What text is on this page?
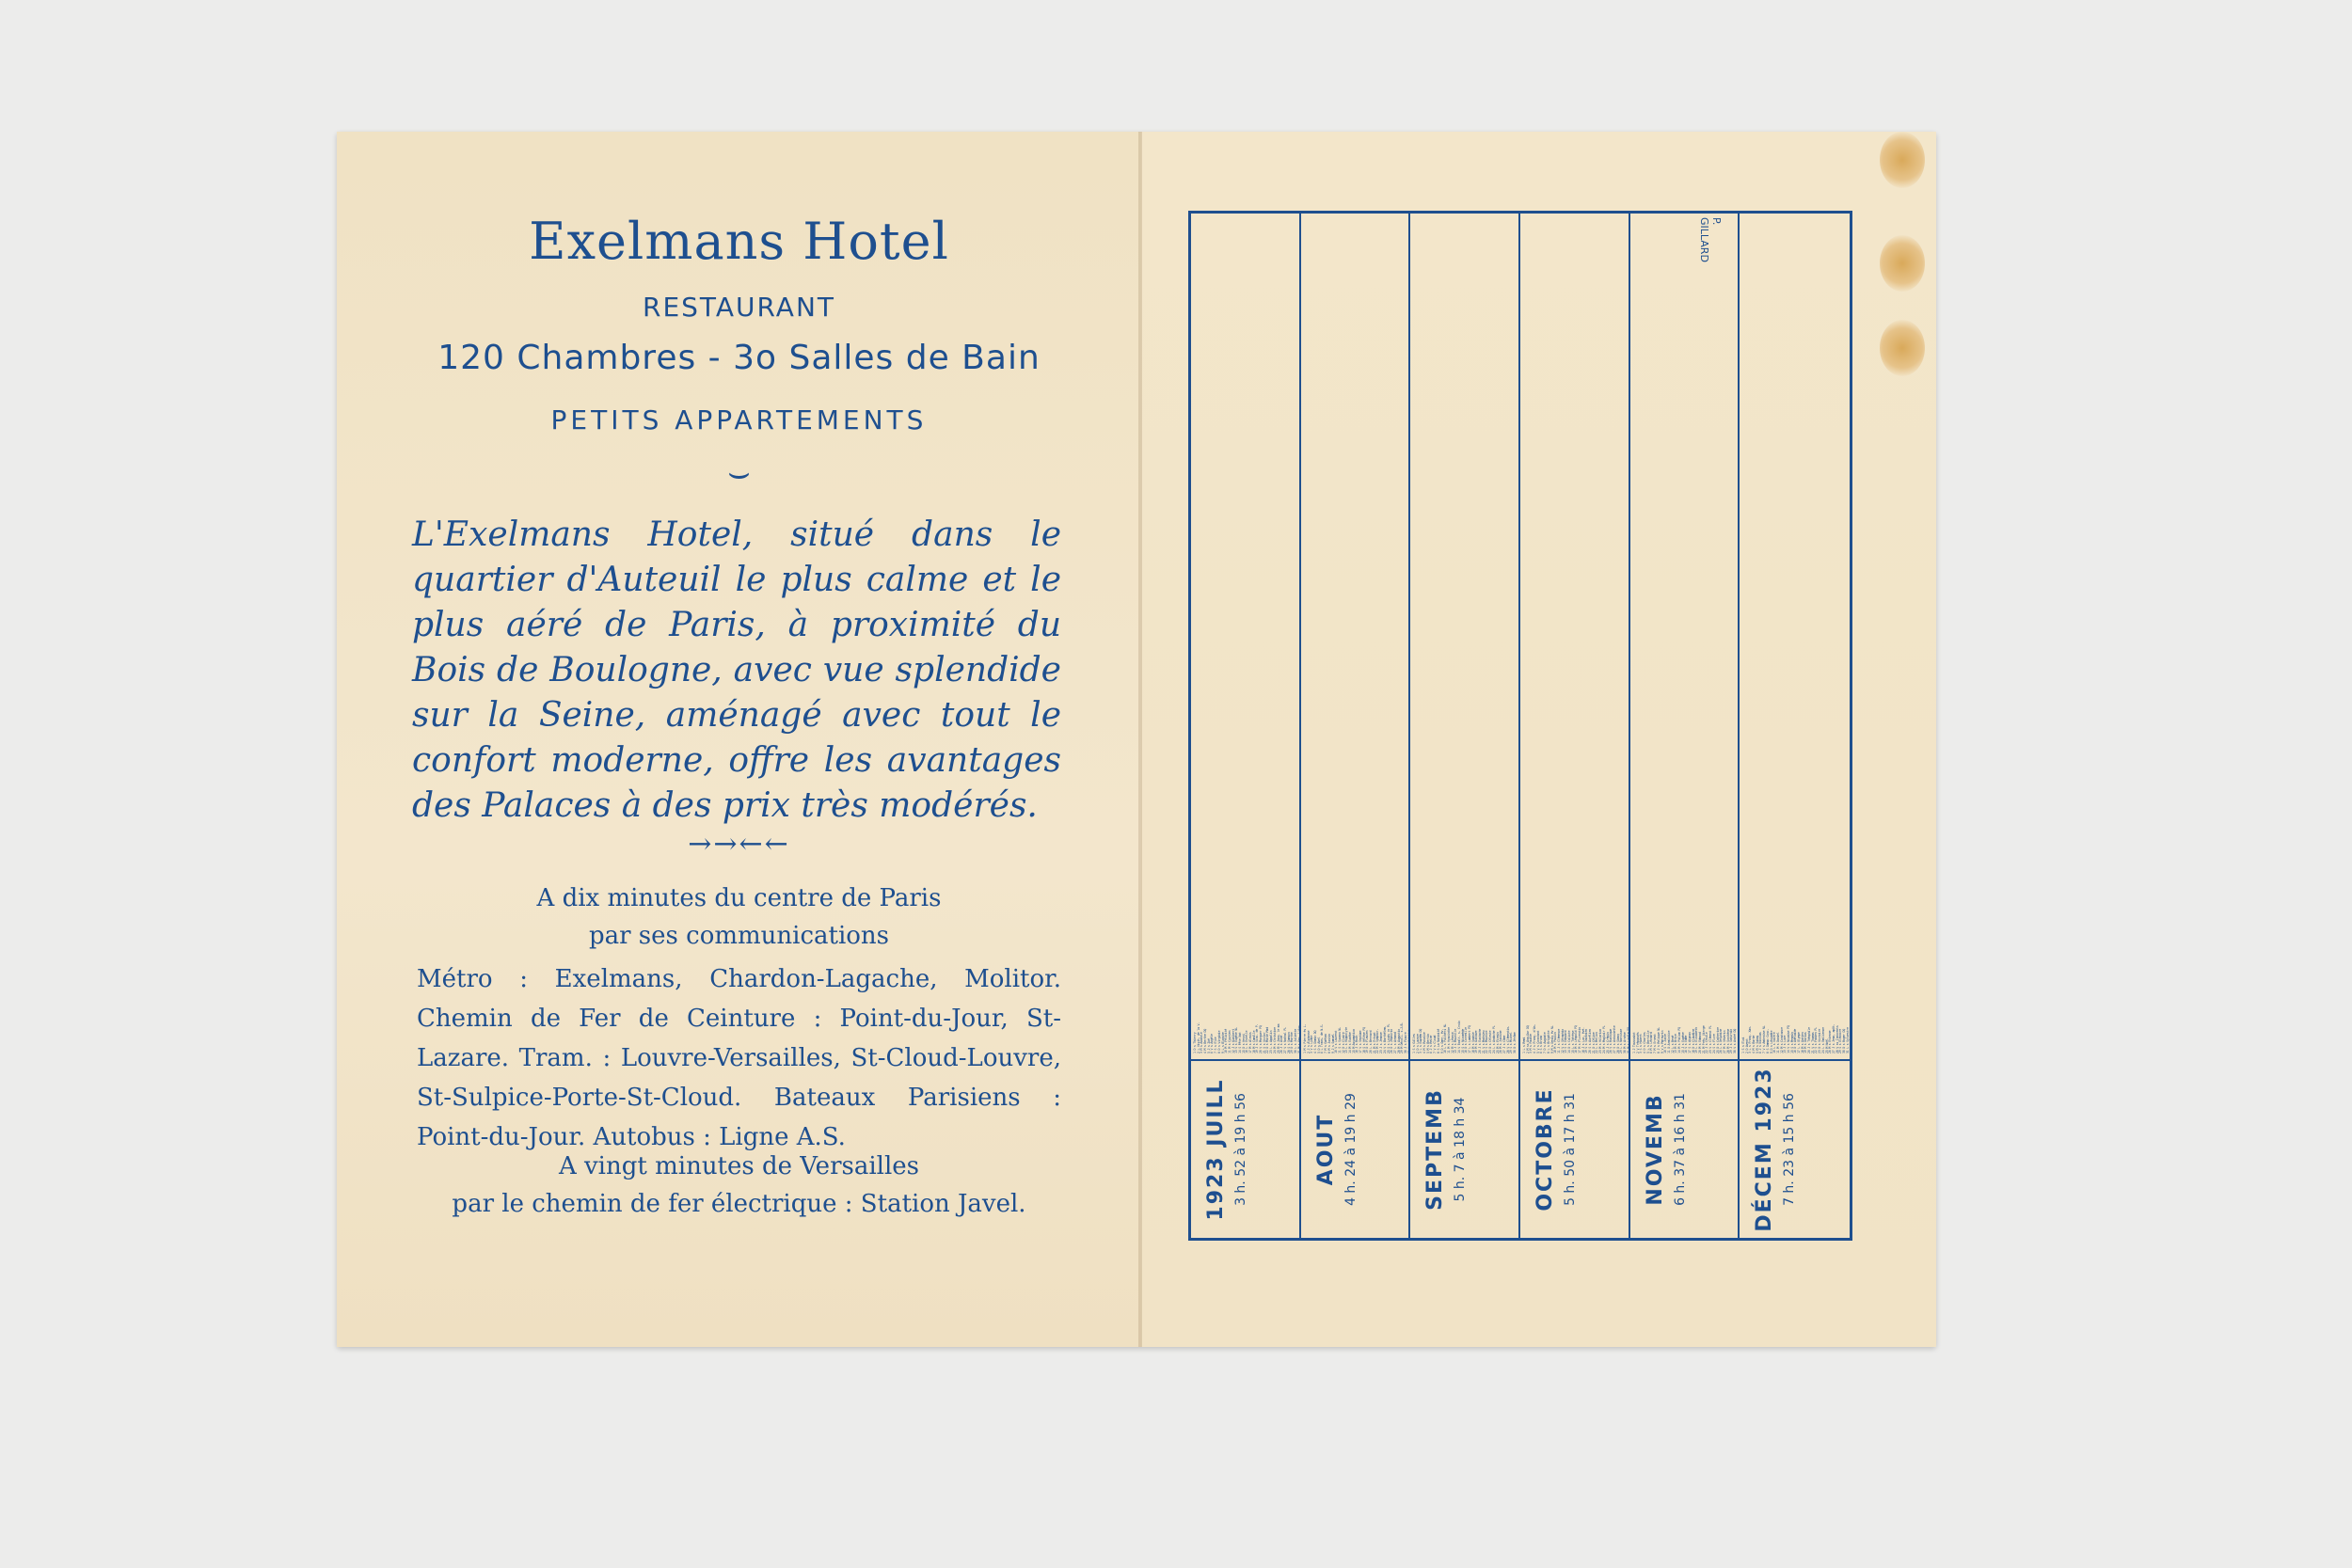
Exelmans Hotel
RESTAURANT
120 Chambres - 3o Salles de Bain
PETITS APPARTEMENTS
⌣
L'Exelmans Hotel, situé dans le quartier d'Auteuil le plus calme et le plus aéré de Paris, à proximité du Bois de Boulogne, avec vue splendide sur la Seine, aménagé avec tout le confort moderne, offre les avantages des Palaces à des prix très modérés.
→→←←
A dix minutes du centre de Paris
par ses communications
Métro : Exelmans, Chardon-Lagache, Molitor. Chemin de Fer de Ceinture : Point-du-Jour, St-Lazare. Tram. : Louvre-Versailles, St-Cloud-Louvre, St-Sulpice-Porte-St-Cloud. Bateaux Parisiens : Point-du-Jour. Autobus : Ligne A.S.
A vingt minutes de Versailles
par le chemin de fer électrique : Station Javel.	1923 JUILL 3 h. 52 à 19 h 56
1 D s Thierry 2 L Visit. de la V. 3 M s Anatole 4 M s Berthe DQ 5 J s Zoé 6 V s Angèle 7 S s Elie 8 D s Virginie 9 L s Blanche 10 M s Félicité 11 M s Cyprien 12 J s Gualbert 13 V s Eugène NL 14 S Fête Nat 15 D s Henri 16 L s Estelle 17 M s Alexis 18 M s Camille 19 J s Vinc. de P. 20 V s Marguer PQ 21 S s Victor 22 D s Marie Mad 23 L s Appolin 24 M s Christine 25 M s Jacq. le ma 26 J s Anne 27 V s Nathal PL 28 S s Samson 29 D s Marthe 30 L s Juliette 31 M s Ger. l'Aux.
AOUT 4 h. 24 à 19 h 29
1 M s Pierre ès L. 2 J s Alphonse 3 V s Lydie 4 S s Domin DQ 5 D s Abel 6 L Trans. de N.S. 7 M s Gaétan 8 M s Justin 9 J s Samuel 10 V s Laurent 11 S s Suzann NL 12 D s Claire 13 L s Hippolyte 14 M s Eusèbe 15 M Assomption 16 J s Roch 17 V s Septime 18 S s Hélène PQ 19 D s Flavien 20 L s Bernard 21 M s Privat 22 M s Symphor. 23 J s Jeanne 24 V s Barthélem. 25 S s Louis ro PL 26 D s Zéphirin 27 L s Armand 28 M s Augustin 29 M Décoll. s.J.B. 30 J s Fiacre 31 V s Aristide
SEPTEMB 5 h. 7 à 18 h 34
1 S s Gilles 2 D s Lazare 3 L s Euphém DQ 4 M s Rosalie 5 M s Bertin 6 J s Reine 7 V s Cloud 8 S La Nativité 9 D s Omer, év. 10 L s Pulchéri NL 11 M s Hyacinthe 12 M s Léonce 13 J s Maurille 14 V Exalt. s. Croix 15 S s Nicomède 16 D s Corneille 17 L s Lambert PQ 18 M s Sophie 19 M s Gustave 20 J s Eustache 21 V s Mathieu 22 S s Maurice 23 D s Céleste 24 L s Andoche PL 25 M s Firmin 26 M s Justine 27 J s Côme 28 V s Clémentin. 29 S s Michel 30 D s Jérôme
OCTOBRE 5 h. 50 à 17 h 31
1 L s Remi 2 M ss Ang.Gar DQ 3 M s Fauste 4 J s Franç. d'As. 5 V s Constant 6 S s Bruno 7 D s Auguste 8 L s Brigitte 9 M s Denis év NL 10 M s Paulin 11 J s Clémence 12 V s Séraphin 13 S s Edouard 14 D s Calixte 15 L s Thérèse 16 M s Léopold PQ 17 M s Florentin 18 J s Luc, évé. 19 V s Savinien 20 S s Aurélien 21 D s Céline 22 L s Mellon 23 M s Hilarion 24 M s Magloir PL 25 J s Crépin 26 V s Rustique 27 S s Antoinette 28 D s Simon 29 L s Narcisse 30 M s Arsène 31 M s Lucile DQ
NOVEMB 6 h. 37 à 16 h 31
1 J Toussaint 2 V Trépassés 3 S s Hubert 4 D s Charles 5 L s Bertille 6 M s Léonard 7 M s Ernest 8 J s Relique NL 9 V s Mathurin 10 S s Juste 11 D Armistice 12 L s René 13 M s Brice 14 M s Philom PQ 15 J s Eugène 16 V s Edme 17 S s Aignan 18 D s Claudine 19 L s Elisabeth 20 M s Edmond 21 M Prés. Vierge 22 J s Cécile 23 V s Clément PL 24 S s Flore 25 D s Catherine 26 L s Delphine 27 M s Séverin 28 M s Sosthène 29 J s Saturnin 30 V s André DQ
P. GILLARD
DÉCEM 1923 7 h. 23 à 15 h 56
1 S s Eloi 2 D Avent 3 L s Franç. Xav. 4 M s Barbe 5 M s Sabas 6 J s Nicolas 7 V s Ambroise NL 8 S Immac Conc. 9 D s Léocadie 10 L s Valère 11 M s Daniel 12 M s Constance 13 J s Luce 14 V s Nicaise PQ 15 S s Mesmin 16 D s Adélaïde 17 L s Olympe 18 M s Gatien 19 M s Darius 20 J s Théophile 21 V s Thomas 22 S s Fabien PL 23 D s Victoire 24 L s Emilienne 25 M Noël 26 M s Etienne 27 J s Jean, apôt. 28 V ss Innocents 29 S s Eléonore 30 D s Roger DQ 31 L s Sylvestre
